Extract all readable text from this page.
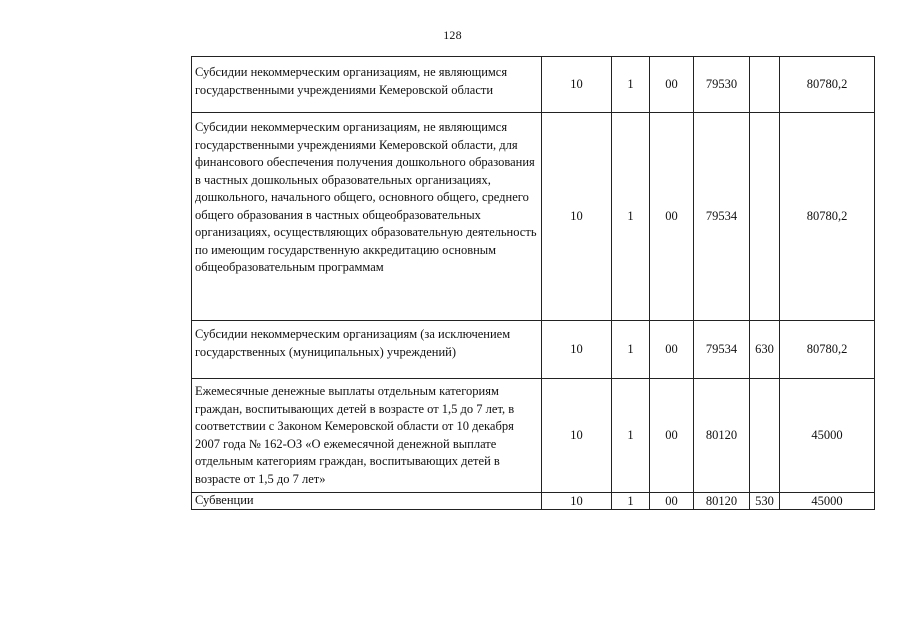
128
Субсидии некоммерческим организациям, не являющимся государственными учреждениями Кемеровской области	10	1	00	79530		80780,2
Субсидии некоммерческим организациям, не являющимся государственными учреждениями Кемеровской области, для финансового обеспечения получения дошкольного образования в частных дошкольных образовательных организациях, дошкольного, начального общего, основного общего, среднего общего образования в частных общеобразовательных организациях, осуществляющих образовательную деятельность по имеющим государственную аккредитацию основным общеобразовательным программам	10	1	00	79534		80780,2
Субсидии некоммерческим организациям (за исключением государственных (муниципальных) учреждений)	10	1	00	79534	630	80780,2
Ежемесячные денежные выплаты отдельным категориям граждан, воспитывающих детей в возрасте от 1,5 до 7 лет, в соответствии с Законом Кемеровской области от 10 декабря 2007 года № 162-ОЗ «О ежемесячной денежной выплате отдельным категориям граждан, воспитывающих детей в возрасте от 1,5 до 7 лет»	10	1	00	80120		45000
Субвенции	10	1	00	80120	530	45000
